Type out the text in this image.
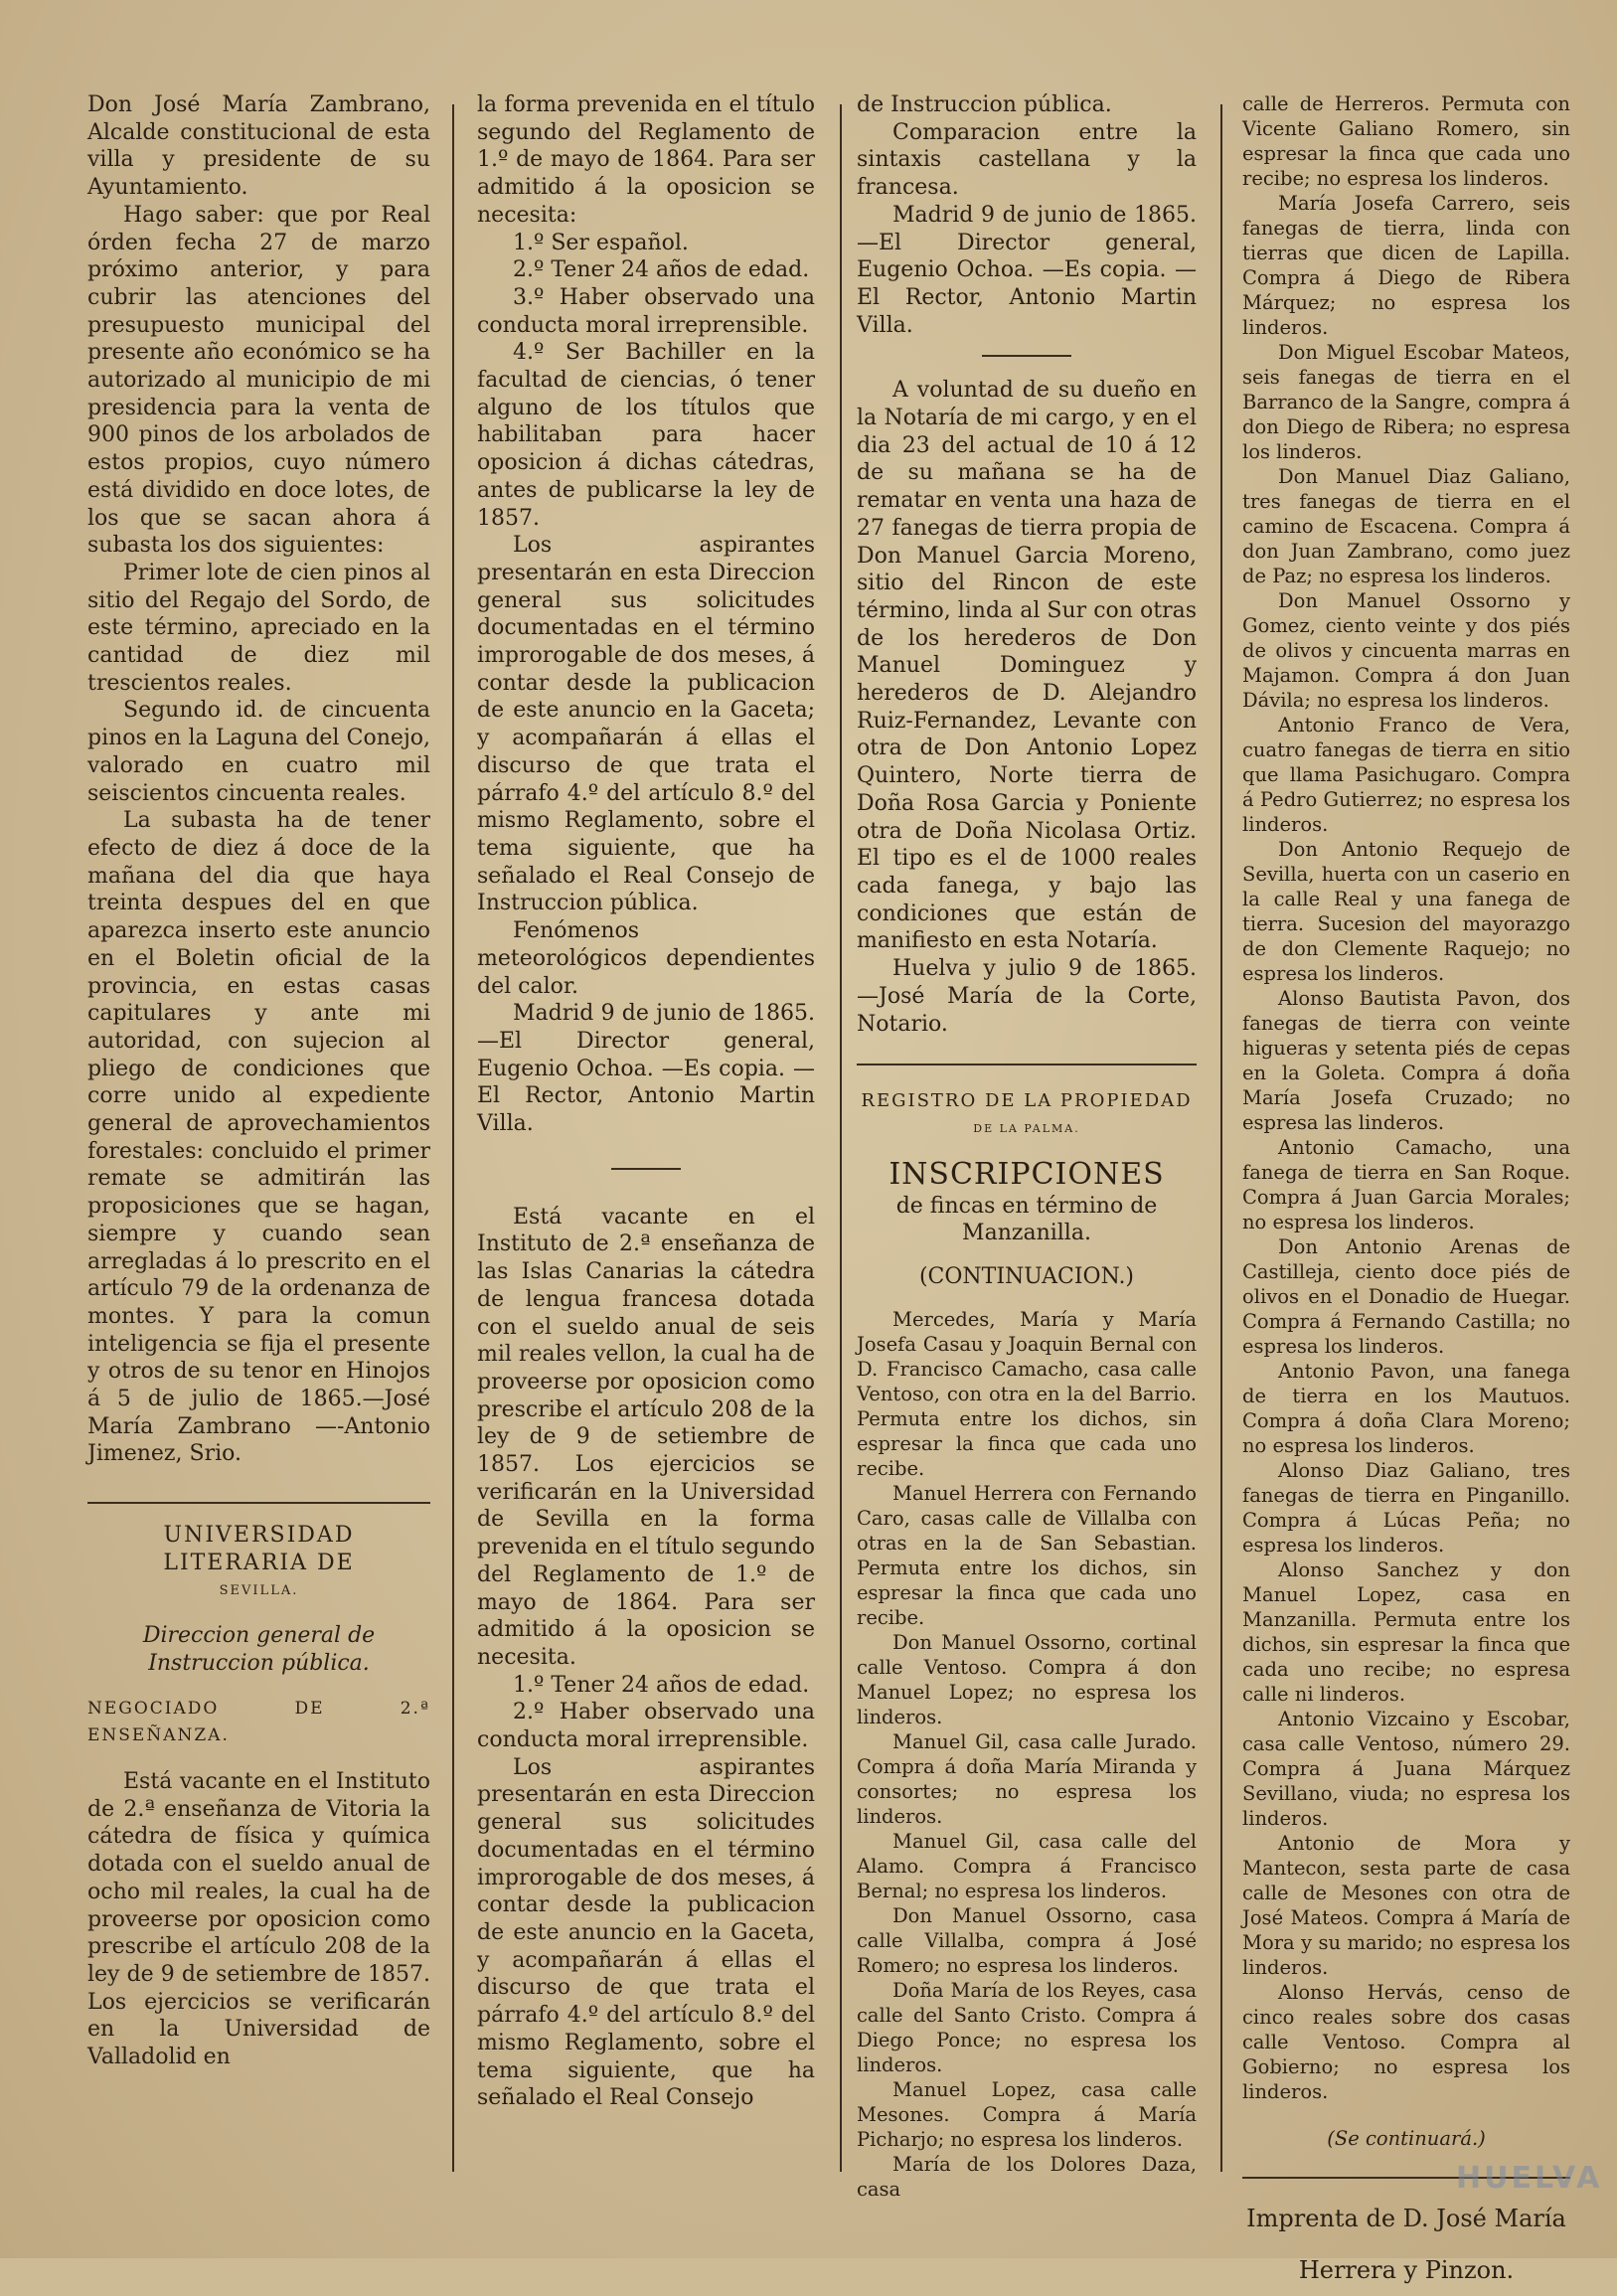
Don José María Zambrano, Alcalde constitucional de esta villa y presidente de su Ayuntamiento.

Hago saber: que por Real órden fecha 27 de marzo próximo anterior, y para cubrir las atenciones del presupuesto municipal del presente año económico se ha autorizado al municipio de mi presidencia para la venta de 900 pinos de los arbolados de estos propios, cuyo número está dividido en doce lotes, de los que se sacan ahora á subasta los dos siguientes:

Primer lote de cien pinos al sitio del Regajo del Sordo, de este término, apreciado en la cantidad de diez mil trescientos reales.

Segundo id. de cincuenta pinos en la Laguna del Conejo, valorado en cuatro mil seiscientos cincuenta reales.

La subasta ha de tener efecto de diez á doce de la mañana del dia que haya treinta despues del en que aparezca inserto este anuncio en el Boletin oficial de la provincia, en estas casas capitulares y ante mi autoridad, con sujecion al pliego de condiciones que corre unido al expediente general de aprovechamientos forestales: concluido el primer remate se admitirán las proposiciones que se hagan, siempre y cuando sean arregladas á lo prescrito en el artículo 79 de la ordenanza de montes. Y para la comun inteligencia se fija el presente y otros de su tenor en Hinojos á 5 de julio de 1865.—José María Zambrano —-Antonio Jimenez, Srio.

UNIVERSIDAD LITERARIA DE

SEVILLA.

Direccion general de Instruccion pública.

NEGOCIADO DE 2.ª ENSEÑANZA.

Está vacante en el Instituto de 2.ª enseñanza de Vitoria la cátedra de física y química dotada con el sueldo anual de ocho mil reales, la cual ha de proveerse por oposicion como prescribe el artículo 208 de la ley de 9 de setiembre de 1857. Los ejercicios se verificarán en la Universidad de Valladolid en

la forma prevenida en el título segundo del Reglamento de 1.º de mayo de 1864. Para ser admitido á la oposicion se necesita:

1.º Ser español.

2.º Tener 24 años de edad.

3.º Haber observado una conducta moral irreprensible.

4.º Ser Bachiller en la facultad de ciencias, ó tener alguno de los títulos que habilitaban para hacer oposicion á dichas cátedras, antes de publicarse la ley de 1857.

Los aspirantes presentarán en esta Direccion general sus solicitudes documentadas en el término improrogable de dos meses, á contar desde la publicacion de este anuncio en la Gaceta; y acompañarán á ellas el discurso de que trata el párrafo 4.º del artículo 8.º del mismo Reglamento, sobre el tema siguiente, que ha señalado el Real Consejo de Instruccion pública.

Fenómenos meteorológicos dependientes del calor.

Madrid 9 de junio de 1865. —El Director general, Eugenio Ochoa. —Es copia. —El Rector, Antonio Martin Villa.

Está vacante en el Instituto de 2.ª enseñanza de las Islas Canarias la cátedra de lengua francesa dotada con el sueldo anual de seis mil reales vellon, la cual ha de proveerse por oposicion como prescribe el artículo 208 de la ley de 9 de setiembre de 1857. Los ejercicios se verificarán en la Universidad de Sevilla en la forma prevenida en el título segundo del Reglamento de 1.º de mayo de 1864. Para ser admitido á la oposicion se necesita.

1.º Tener 24 años de edad.

2.º Haber observado una conducta moral irreprensible.

Los aspirantes presentarán en esta Direccion general sus solicitudes documentadas en el término improrogable de dos meses, á contar desde la publicacion de este anuncio en la Gaceta, y acompañarán á ellas el discurso de que trata el párrafo 4.º del artículo 8.º del mismo Reglamento, sobre el tema siguiente, que ha señalado el Real Consejo

de Instruccion pública.

Comparacion entre la sintaxis castellana y la francesa.

Madrid 9 de junio de 1865. —El Director general, Eugenio Ochoa. —Es copia. —El Rector, Antonio Martin Villa.

A voluntad de su dueño en la Notaría de mi cargo, y en el dia 23 del actual de 10 á 12 de su mañana se ha de rematar en venta una haza de 27 fanegas de tierra propia de Don Manuel Garcia Moreno, sitio del Rincon de este término, linda al Sur con otras de los herederos de Don Manuel Dominguez y herederos de D. Alejandro Ruiz-Fernandez, Levante con otra de Don Antonio Lopez Quintero, Norte tierra de Doña Rosa Garcia y Poniente otra de Doña Nicolasa Ortiz. El tipo es el de 1000 reales cada fanega, y bajo las condiciones que están de manifiesto en esta Notaría.

Huelva y julio 9 de 1865. —José María de la Corte, Notario.

REGISTRO DE LA PROPIEDAD

DE LA PALMA.

INSCRIPCIONES

de fincas en término de Manzanilla.

(CONTINUACION.)

Mercedes, María y María Josefa Casau y Joaquin Bernal con D. Francisco Camacho, casa calle Ventoso, con otra en la del Barrio. Permuta entre los dichos, sin espresar la finca que cada uno recibe.

Manuel Herrera con Fernando Caro, casas calle de Villalba con otras en la de San Sebastian. Permuta entre los dichos, sin espresar la finca que cada uno recibe.

Don Manuel Ossorno, cortinal calle Ventoso. Compra á don Manuel Lopez; no espresa los linderos.

Manuel Gil, casa calle Jurado. Compra á doña María Miranda y consortes; no espresa los linderos.

Manuel Gil, casa calle del Alamo. Compra á Francisco Bernal; no espresa los linderos.

Don Manuel Ossorno, casa calle Villalba, compra á José Romero; no espresa los linderos.

Doña María de los Reyes, casa calle del Santo Cristo. Compra á Diego Ponce; no espresa los linderos.

Manuel Lopez, casa calle Mesones. Compra á María Picharjo; no espresa los linderos.

María de los Dolores Daza, casa

calle de Herreros. Permuta con Vicente Galiano Romero, sin espresar la finca que cada uno recibe; no espresa los linderos.

María Josefa Carrero, seis fanegas de tierra, linda con tierras que dicen de Lapilla. Compra á Diego de Ribera Márquez; no espresa los linderos.

Don Miguel Escobar Mateos, seis fanegas de tierra en el Barranco de la Sangre, compra á don Diego de Ribera; no espresa los linderos.

Don Manuel Diaz Galiano, tres fanegas de tierra en el camino de Escacena. Compra á don Juan Zambrano, como juez de Paz; no espresa los linderos.

Don Manuel Ossorno y Gomez, ciento veinte y dos piés de olivos y cincuenta marras en Majamon. Compra á don Juan Dávila; no espresa los linderos.

Antonio Franco de Vera, cuatro fanegas de tierra en sitio que llama Pasichugaro. Compra á Pedro Gutierrez; no espresa los linderos.

Don Antonio Requejo de Sevilla, huerta con un caserio en la calle Real y una fanega de tierra. Sucesion del mayorazgo de don Clemente Raquejo; no espresa los linderos.

Alonso Bautista Pavon, dos fanegas de tierra con veinte higueras y setenta piés de cepas en la Goleta. Compra á doña María Josefa Cruzado; no espresa las linderos.

Antonio Camacho, una fanega de tierra en San Roque. Compra á Juan Garcia Morales; no espresa los linderos.

Don Antonio Arenas de Castilleja, ciento doce piés de olivos en el Donadio de Huegar. Compra á Fernando Castilla; no espresa los linderos.

Antonio Pavon, una fanega de tierra en los Mautuos. Compra á doña Clara Moreno; no espresa los linderos.

Alonso Diaz Galiano, tres fanegas de tierra en Pinganillo. Compra á Lúcas Peña; no espresa los linderos.

Alonso Sanchez y don Manuel Lopez, casa en Manzanilla. Permuta entre los dichos, sin espresar la finca que cada uno recibe; no espresa calle ni linderos.

Antonio Vizcaino y Escobar, casa calle Ventoso, número 29. Compra á Juana Márquez Sevillano, viuda; no espresa los linderos.

Antonio de Mora y Mantecon, sesta parte de casa calle de Mesones con otra de José Mateos. Compra á María de Mora y su marido; no espresa los linderos.

Alonso Hervás, censo de cinco reales sobre dos casas calle Ventoso. Compra al Gobierno; no espresa los linderos.

(Se continuará.)

Imprenta de D. José María

Herrera y Pinzon.

HUELVA
